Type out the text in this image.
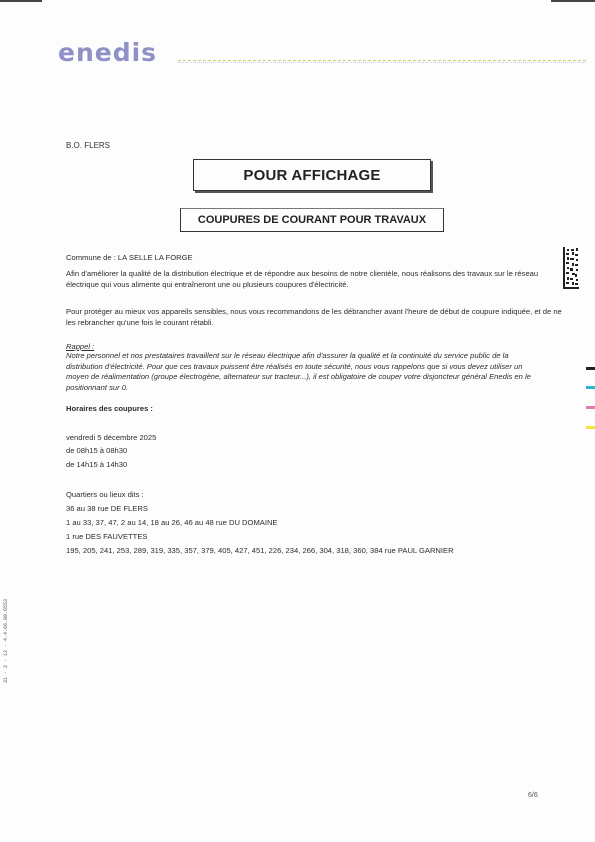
enedis
B.O. FLERS
POUR AFFICHAGE
COUPURES DE COURANT POUR TRAVAUX
Commune de : LA SELLE LA FORGE
Afin d'améliorer la qualité de la distribution électrique et de répondre aux besoins de notre clientèle, nous réalisons des travaux sur le réseau électrique qui vous alimente qui entraîneront une ou plusieurs coupures d'électricité.
Pour protéger au mieux vos appareils sensibles, nous vous recommandons de les débrancher avant l'heure de début de coupure indiquée, et de ne les rebrancher qu'une fois le courant rétabli.
Rappel :
Notre personnel et nos prestataires travaillent sur le réseau électrique afin d'assurer la qualité et la continuité du service public de la distribution d'électricité. Pour que ces travaux puissent être réalisés en toute sécurité, nous vous rappelons que si vous devez utiliser un moyen de réalimentation (groupe électrogène, alternateur sur tracteur...), il est obligatoire de couper votre disjoncteur général Enedis en le positionnant sur 0.
Horaires des coupures :
vendredi 5 décembre 2025
de 08h15 à 08h30
de 14h15 à 14h30
Quartiers ou lieux dits :
36 au 38 rue DE FLERS
1 au 33, 37, 47, 2 au 14, 18 au 26, 46 au 48 rue DU DOMAINE
1 rue DES FAUVETTES
195, 205, 241, 253, 289, 319, 335, 357, 379, 405, 427, 451, 226, 234, 266, 304, 318, 360, 384 rue PAUL GARNIER
31 · 2 · 12 · 4.4.66.09.6553
6/6
